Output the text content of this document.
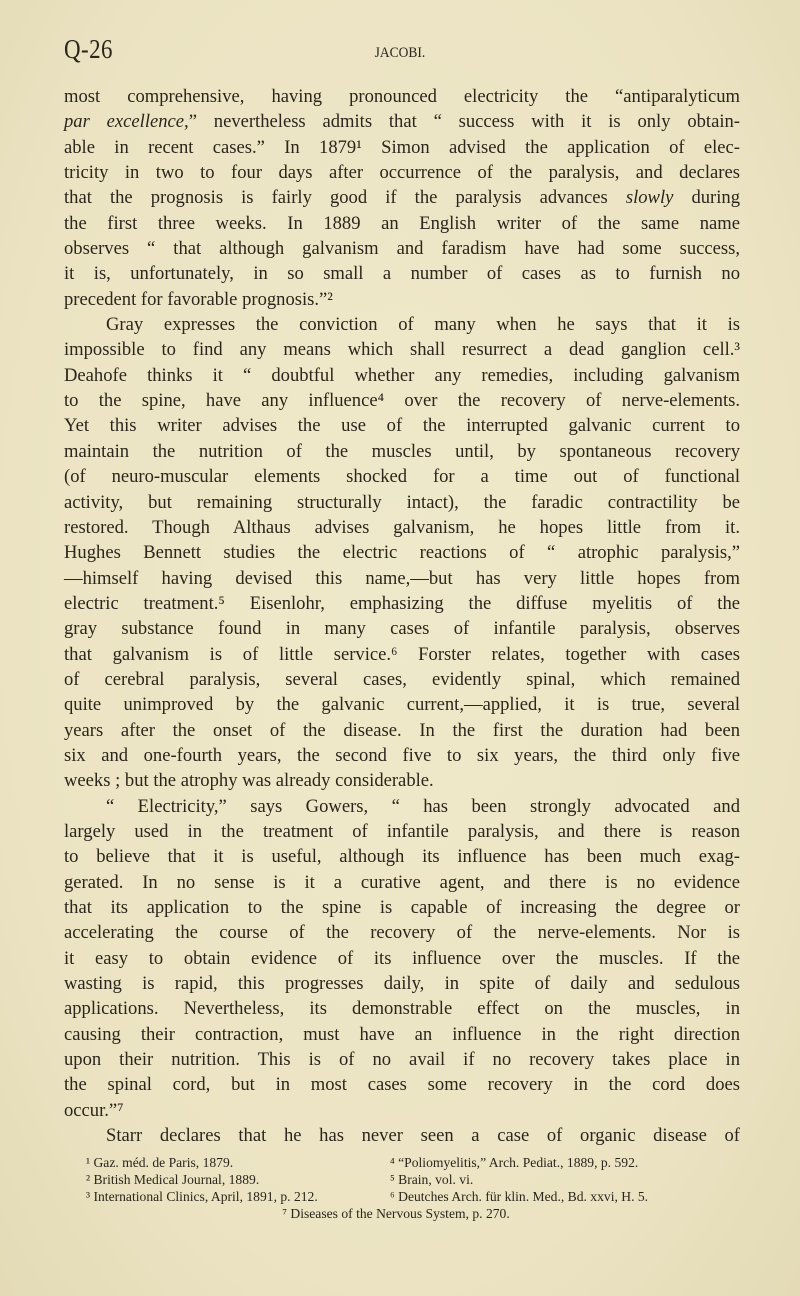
Q-26	JACOBI.
most comprehensive, having pronounced electricity the “antiparalyticum
par excellence,” nevertheless admits that “ success with it is only obtain-
able in recent cases.” In 1879¹ Simon advised the application of elec-
tricity in two to four days after occurrence of the paralysis, and declares
that the prognosis is fairly good if the paralysis advances slowly during
the first three weeks. In 1889 an English writer of the same name
observes “ that although galvanism and faradism have had some success,
it is, unfortunately, in so small a number of cases as to furnish no
precedent for favorable prognosis.”²
Gray expresses the conviction of many when he says that it is
impossible to find any means which shall resurrect a dead ganglion cell.³
Deahofe thinks it “ doubtful whether any remedies, including galvanism
to the spine, have any influence⁴ over the recovery of nerve-elements.
Yet this writer advises the use of the interrupted galvanic current to
maintain the nutrition of the muscles until, by spontaneous recovery
(of neuro-muscular elements shocked for a time out of functional
activity, but remaining structurally intact), the faradic contractility be
restored. Though Althaus advises galvanism, he hopes little from it.
Hughes Bennett studies the electric reactions of “ atrophic paralysis,”
—himself having devised this name,—but has very little hopes from
electric treatment.⁵ Eisenlohr, emphasizing the diffuse myelitis of the
gray substance found in many cases of infantile paralysis, observes
that galvanism is of little service.⁶ Forster relates, together with cases
of cerebral paralysis, several cases, evidently spinal, which remained
quite unimproved by the galvanic current,—applied, it is true, several
years after the onset of the disease. In the first the duration had been
six and one-fourth years, the second five to six years, the third only five
weeks ; but the atrophy was already considerable.
“ Electricity,” says Gowers, “ has been strongly advocated and
largely used in the treatment of infantile paralysis, and there is reason
to believe that it is useful, although its influence has been much exag-
gerated. In no sense is it a curative agent, and there is no evidence
that its application to the spine is capable of increasing the degree or
accelerating the course of the recovery of the nerve-elements. Nor is
it easy to obtain evidence of its influence over the muscles. If the
wasting is rapid, this progresses daily, in spite of daily and sedulous
applications. Nevertheless, its demonstrable effect on the muscles, in
causing their contraction, must have an influence in the right direction
upon their nutrition. This is of no avail if no recovery takes place in
the spinal cord, but in most cases some recovery in the cord does
occur.”⁷
Starr declares that he has never seen a case of organic disease of
¹ Gaz. méd. de Paris, 1879.	⁴ “Poliomyelitis,” Arch. Pediat., 1889, p. 592.
² British Medical Journal, 1889.	⁵ Brain, vol. vi.
³ International Clinics, April, 1891, p. 212.	⁶ Deutches Arch. für klin. Med., Bd. xxvi, H. 5.
⁷ Diseases of the Nervous System, p. 270.
